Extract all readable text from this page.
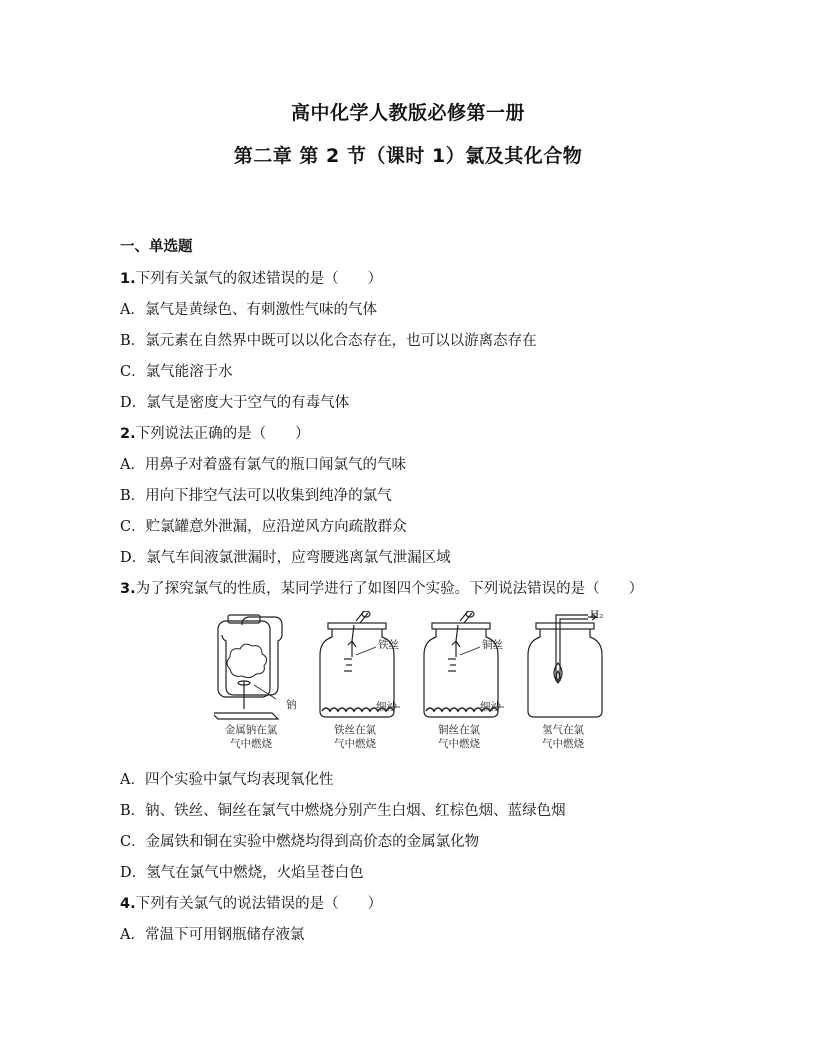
高中化学人教版必修第一册
第二章 第 2 节（课时 1）氯及其化合物
一、单选题
1.下列有关氯气的叙述错误的是（　　）
A．氯气是黄绿色、有刺激性气味的气体
B．氯元素在自然界中既可以以化合态存在，也可以以游离态存在
C．氯气能溶于水
D．氯气是密度大于空气的有毒气体
2.下列说法正确的是（　　）
A．用鼻子对着盛有氯气的瓶口闻氯气的气味
B．用向下排空气法可以收集到纯净的氯气
C．贮氯罐意外泄漏，应沿逆风方向疏散群众
D．氯气车间液氯泄漏时，应弯腰逃离氯气泄漏区域
3.为了探究氯气的性质，某同学进行了如图四个实验。下列说法错误的是（　　）
钠
铁丝
细沙
铜丝
细沙
H₂
金属钠在氯
气中燃烧
铁丝在氯
气中燃烧
铜丝在氯
气中燃烧
氢气在氯
气中燃烧
A．四个实验中氯气均表现氧化性
B．钠、铁丝、铜丝在氯气中燃烧分别产生白烟、红棕色烟、蓝绿色烟
C．金属铁和铜在实验中燃烧均得到高价态的金属氯化物
D．氢气在氯气中燃烧，火焰呈苍白色
4.下列有关氯气的说法错误的是（　　）
A．常温下可用钢瓶储存液氯
